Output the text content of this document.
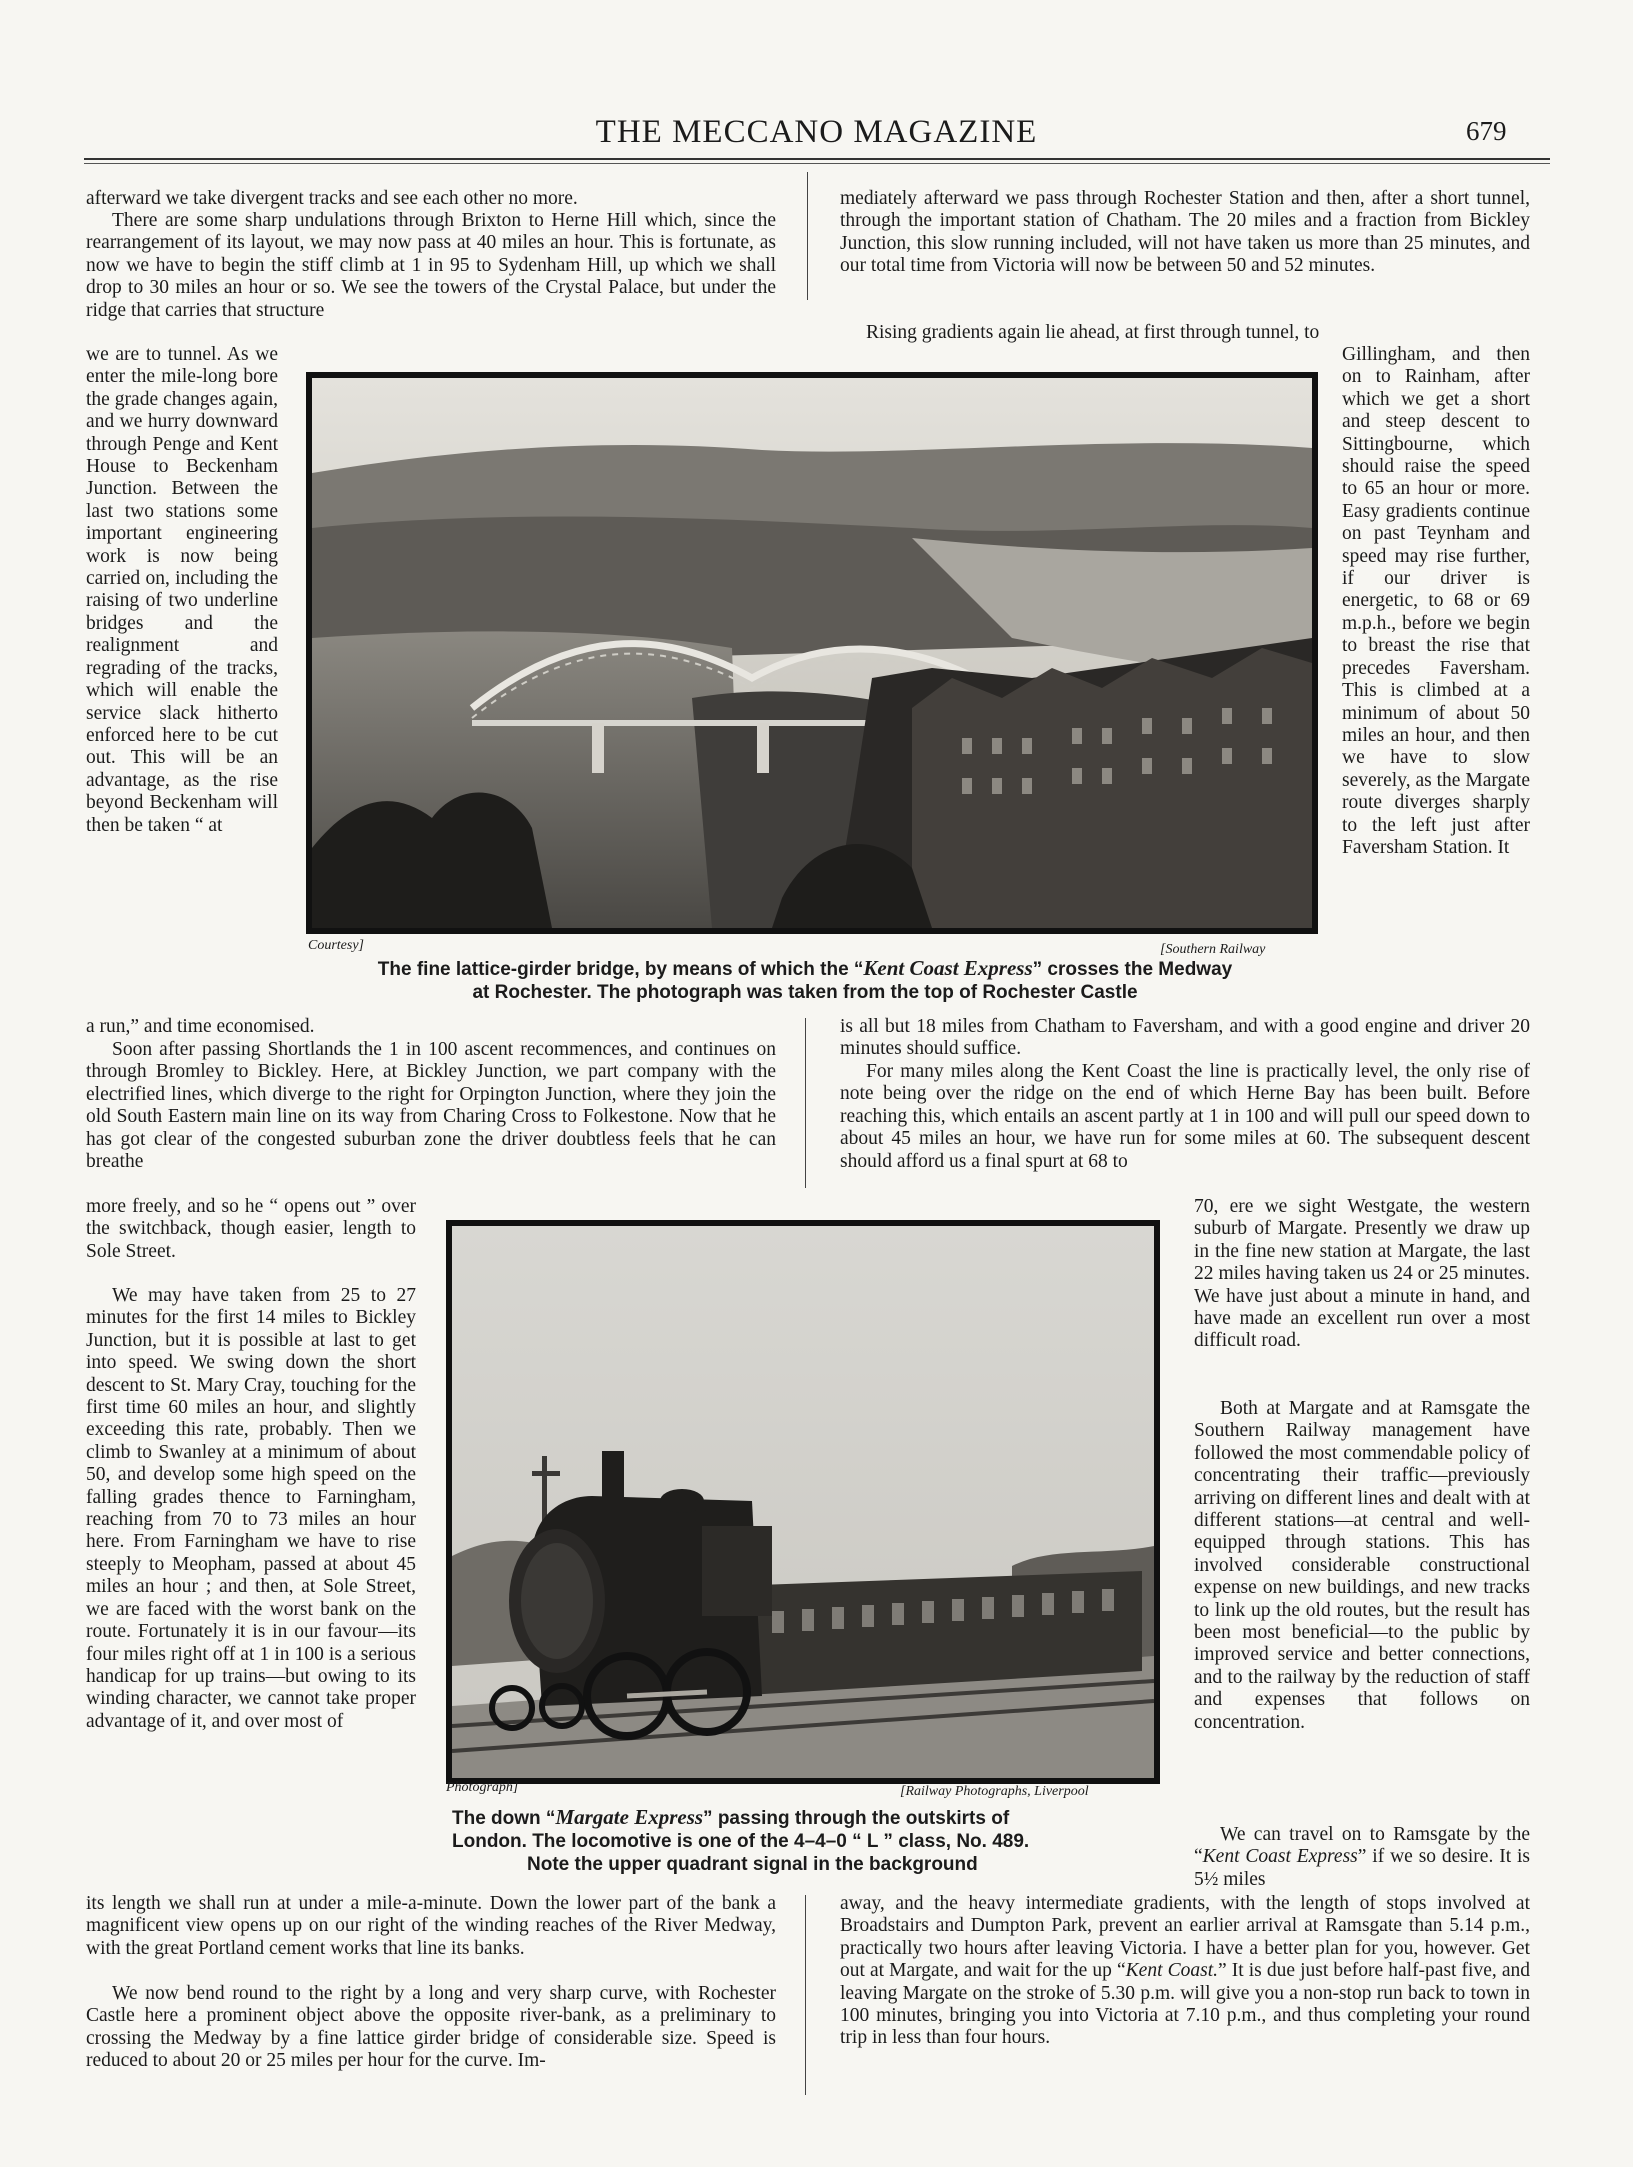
THE MECCANO MAGAZINE	679

afterward we take divergent tracks and see each other no more.

There are some sharp undulations through Brixton to Herne Hill which, since the rearrangement of its layout, we may now pass at 40 miles an hour. This is fortunate, as now we have to begin the stiff climb at 1 in 95 to Sydenham Hill, up which we shall drop to 30 miles an hour or so. We see the towers of the Crystal Palace, but under the ridge that carries that structure

we are to tunnel. As we enter the mile-long bore the grade changes again, and we hurry downward through Penge and Kent House to Beckenham Junction. Between the last two stations some important engineering work is now being carried on, including the raising of two underline bridges and the realignment and regrading of the tracks, which will enable the service slack hitherto enforced here to be cut out. This will be an advantage, as the rise beyond Beckenham will then be taken “ at

a run,” and time economised.

Soon after passing Shortlands the 1 in 100 ascent recommences, and continues on through Bromley to Bickley. Here, at Bickley Junction, we part company with the electrified lines, which diverge to the right for Orpington Junction, where they join the old South Eastern main line on its way from Charing Cross to Folkestone. Now that he has got clear of the congested suburban zone the driver doubtless feels that he can breathe

more freely, and so he “ opens out ” over the switchback, though easier, length to Sole Street.

We may have taken from 25 to 27 minutes for the first 14 miles to Bickley Junction, but it is possible at last to get into speed. We swing down the short descent to St. Mary Cray, touching for the first time 60 miles an hour, and slightly exceeding this rate, probably. Then we climb to Swanley at a minimum of about 50, and develop some high speed on the falling grades thence to Farningham, reaching from 70 to 73 miles an hour here. From Farningham we have to rise steeply to Meopham, passed at about 45 miles an hour ; and then, at Sole Street, we are faced with the worst bank on the route. Fortunately it is in our favour—its four miles right off at 1 in 100 is a serious handicap for up trains—but owing to its winding character, we cannot take proper advantage of it, and over most of

its length we shall run at under a mile-a-minute. Down the lower part of the bank a magnificent view opens up on our right of the winding reaches of the River Medway, with the great Portland cement works that line its banks.

We now bend round to the right by a long and very sharp curve, with Rochester Castle here a prominent object above the opposite river-bank, as a preliminary to crossing the Medway by a fine lattice girder bridge of considerable size. Speed is reduced to about 20 or 25 miles per hour for the curve. Im-

mediately afterward we pass through Rochester Station and then, after a short tunnel, through the important station of Chatham. The 20 miles and a fraction from Bickley Junction, this slow running included, will not have taken us more than 25 minutes, and our total time from Victoria will now be between 50 and 52 minutes.

Rising gradients again lie ahead, at first through tunnel, to

Gillingham, and then on to Rainham, after which we get a short and steep descent to Sittingbourne, which should raise the speed to 65 an hour or more. Easy gradients continue on past Teynham and speed may rise further, if our driver is energetic, to 68 or 69 m.p.h., before we begin to breast the rise that precedes Faversham. This is climbed at a minimum of about 50 miles an hour, and then we have to slow severely, as the Margate route diverges sharply to the left just after Faversham Station. It

is all but 18 miles from Chatham to Faversham, and with a good engine and driver 20 minutes should suffice.

For many miles along the Kent Coast the line is practically level, the only rise of note being over the ridge on the end of which Herne Bay has been built. Before reaching this, which entails an ascent partly at 1 in 100 and will pull our speed down to about 45 miles an hour, we have run for some miles at 60. The subsequent descent should afford us a final spurt at 68 to

70, ere we sight Westgate, the western suburb of Margate. Presently we draw up in the fine new station at Margate, the last 22 miles having taken us 24 or 25 minutes. We have just about a minute in hand, and have made an excellent run over a most difficult road.

Both at Margate and at Ramsgate the Southern Railway management have followed the most commendable policy of concentrating their traffic—previously arriving on different lines and dealt with at different stations—at central and well-equipped through stations. This has involved considerable constructional expense on new buildings, and new tracks to link up the old routes, but the result has been most beneficial—to the public by improved service and better connections, and to the railway by the reduction of staff and expenses that follows on concentration.

We can travel on to Ramsgate by the “Kent Coast Express” if we so desire. It is 5½ miles

away, and the heavy intermediate gradients, with the length of stops involved at Broadstairs and Dumpton Park, prevent an earlier arrival at Ramsgate than 5.14 p.m., practically two hours after leaving Victoria. I have a better plan for you, however. Get out at Margate, and wait for the up “Kent Coast.” It is due just before half-past five, and leaving Margate on the stroke of 5.30 p.m. will give you a non-stop run back to town in 100 minutes, bringing you into Victoria at 7.10 p.m., and thus completing your round trip in less than four hours.

Courtesy]	[Southern Railway
The fine lattice-girder bridge, by means of which the “Kent Coast Express” crosses the Medway
at Rochester. The photograph was taken from the top of Rochester Castle
Photograph]	[Railway Photographs, Liverpool
The down “Margate Express” passing through the outskirts of
London. The locomotive is one of the 4–4–0 “ L ” class, No. 489.
Note the upper quadrant signal in the background
